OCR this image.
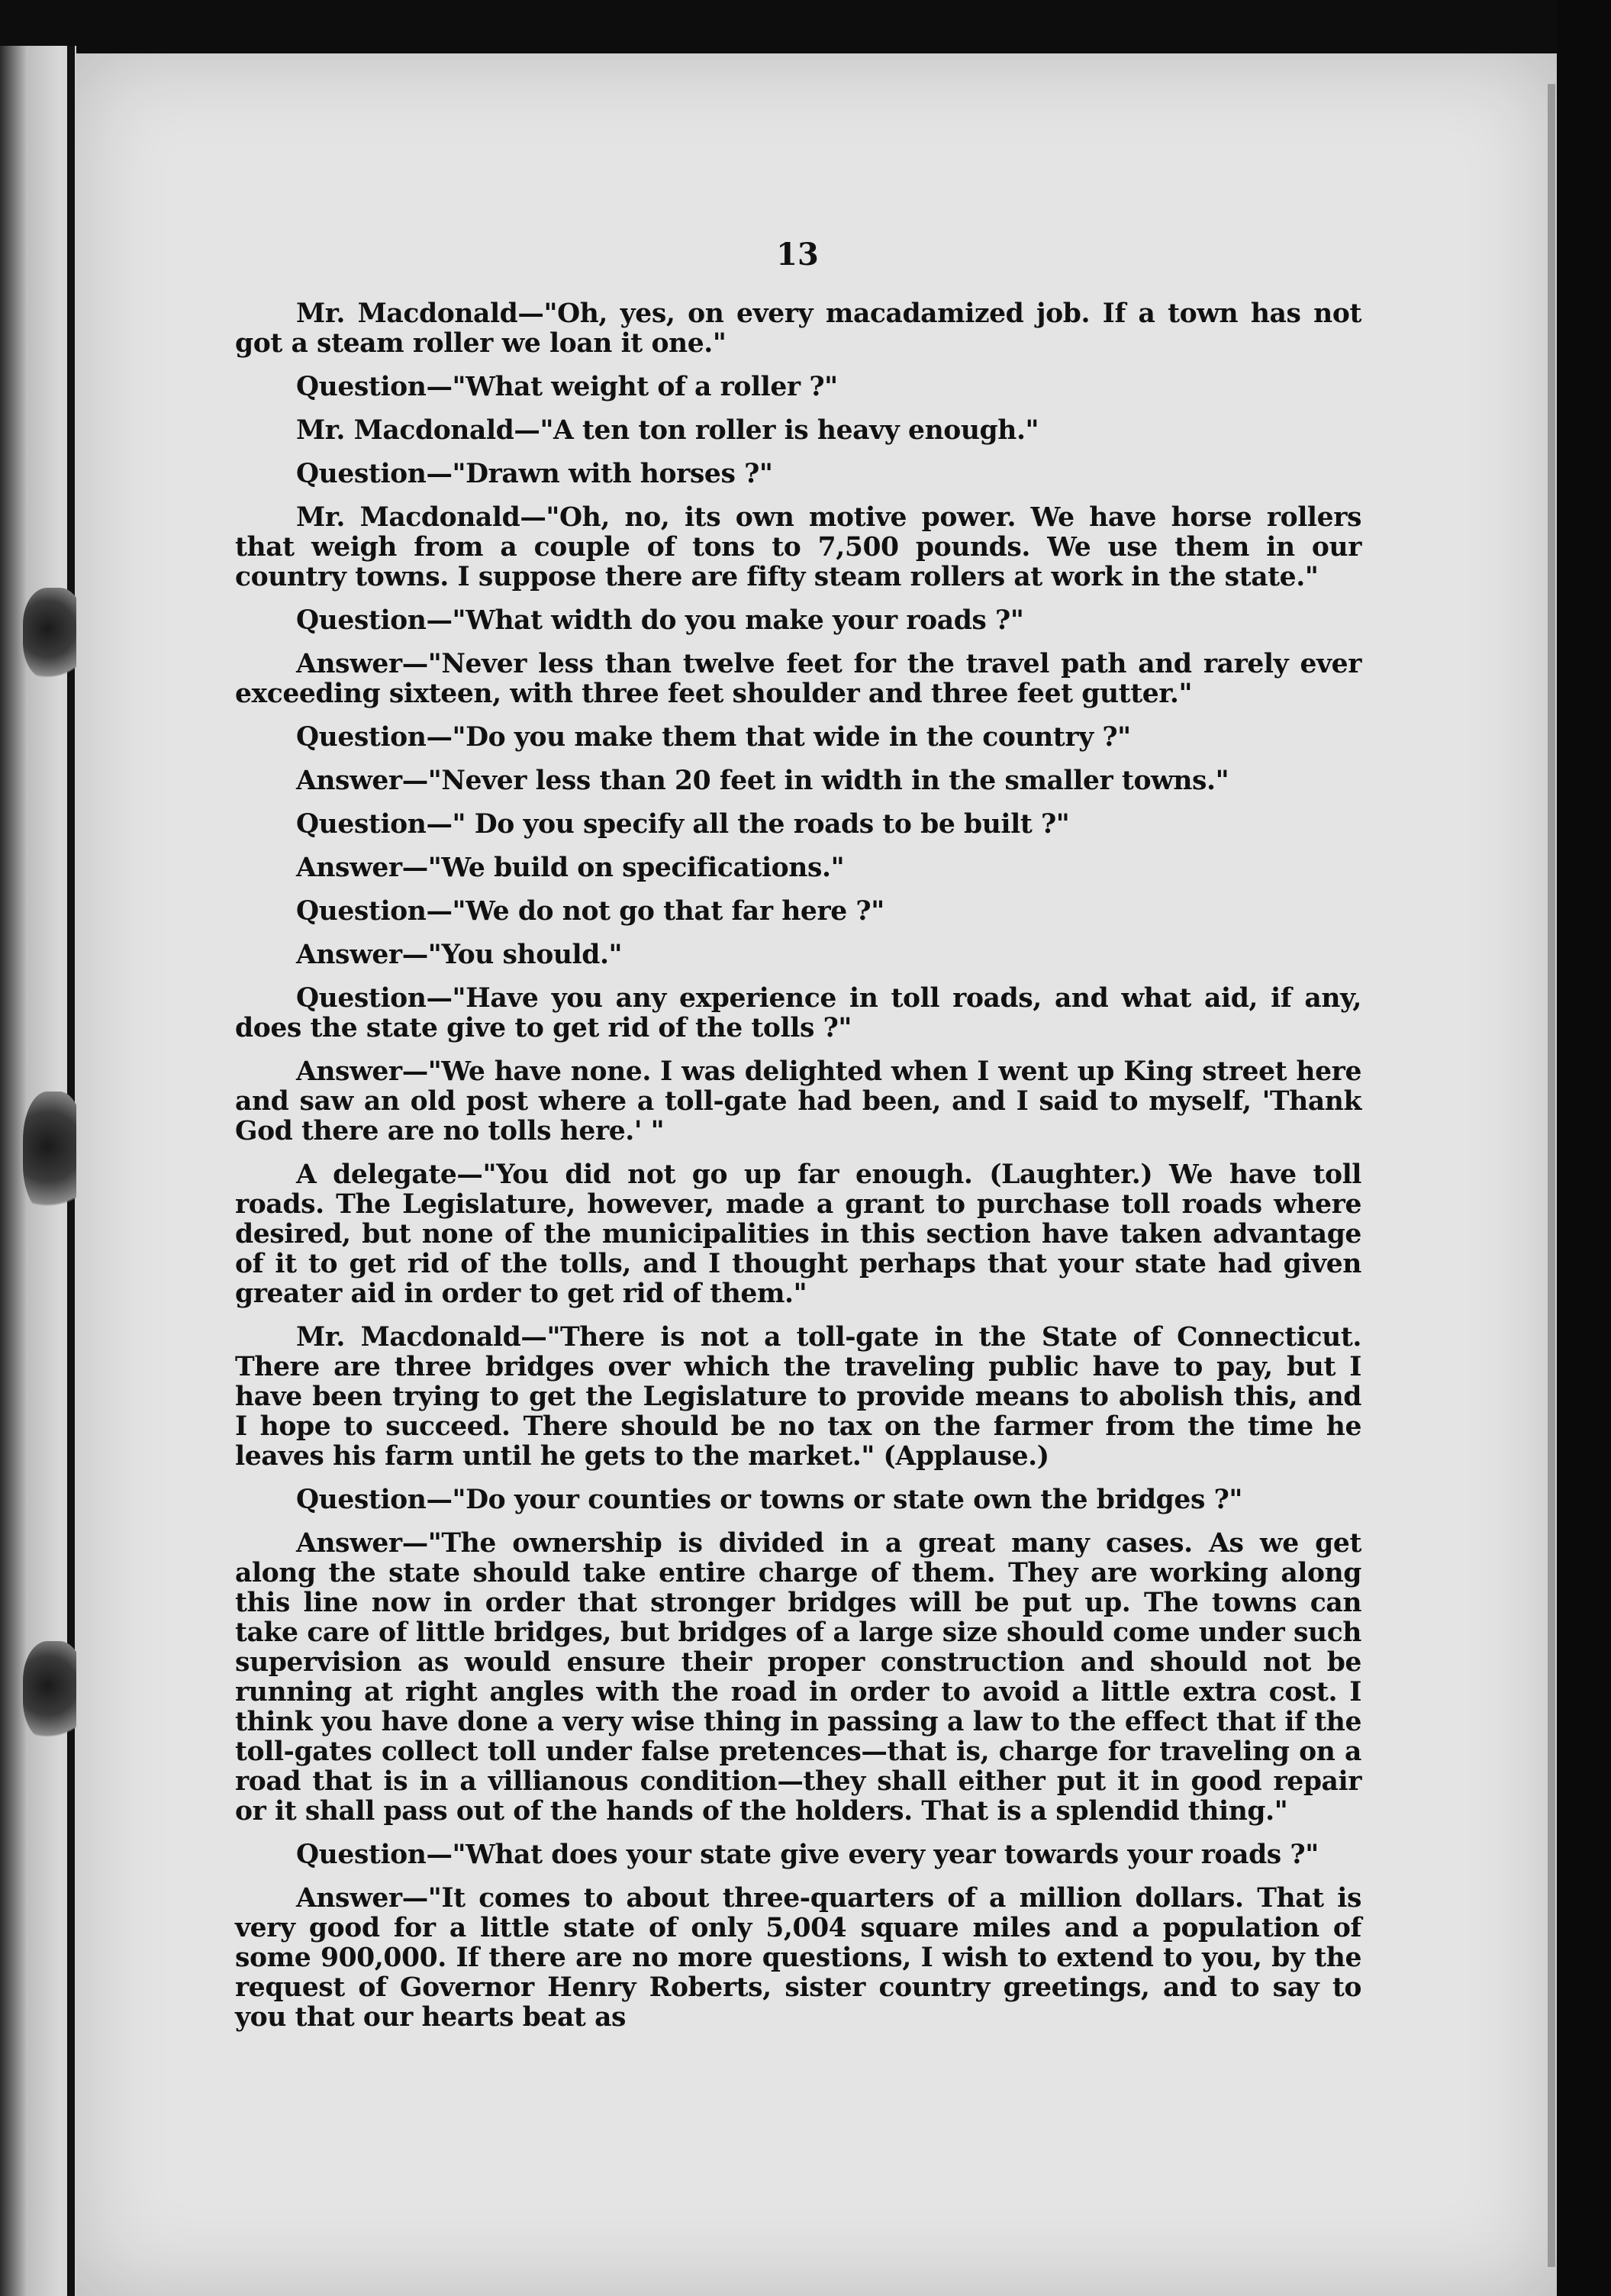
13

Mr. Macdonald—"Oh, yes, on every macadamized job. If a town has not got a steam roller we loan it one."

Question—"What weight of a roller ?"

Mr. Macdonald—"A ten ton roller is heavy enough."

Question—"Drawn with horses ?"

Mr. Macdonald—"Oh, no, its own motive power. We have horse rollers that weigh from a couple of tons to 7,500 pounds. We use them in our country towns. I suppose there are fifty steam rollers at work in the state."

Question—"What width do you make your roads ?"

Answer—"Never less than twelve feet for the travel path and rarely ever exceeding sixteen, with three feet shoulder and three feet gutter."

Question—"Do you make them that wide in the country ?"

Answer—"Never less than 20 feet in width in the smaller towns."

Question—" Do you specify all the roads to be built ?"

Answer—"We build on specifications."

Question—"We do not go that far here ?"

Answer—"You should."

Question—"Have you any experience in toll roads, and what aid, if any, does the state give to get rid of the tolls ?"

Answer—"We have none. I was delighted when I went up King street here and saw an old post where a toll-gate had been, and I said to myself, 'Thank God there are no tolls here.' "

A delegate—"You did not go up far enough. (Laughter.) We have toll roads. The Legislature, however, made a grant to purchase toll roads where desired, but none of the municipalities in this section have taken advantage of it to get rid of the tolls, and I thought perhaps that your state had given greater aid in order to get rid of them."

Mr. Macdonald—"There is not a toll-gate in the State of Connecticut. There are three bridges over which the traveling public have to pay, but I have been trying to get the Legislature to provide means to abolish this, and I hope to succeed. There should be no tax on the farmer from the time he leaves his farm until he gets to the market." (Applause.)

Question—"Do your counties or towns or state own the bridges ?"

Answer—"The ownership is divided in a great many cases. As we get along the state should take entire charge of them. They are working along this line now in order that stronger bridges will be put up. The towns can take care of little bridges, but bridges of a large size should come under such supervision as would ensure their proper construction and should not be running at right angles with the road in order to avoid a little extra cost. I think you have done a very wise thing in passing a law to the effect that if the toll-gates collect toll under false pretences—that is, charge for traveling on a road that is in a villianous condition—they shall either put it in good repair or it shall pass out of the hands of the holders. That is a splendid thing."

Question—"What does your state give every year towards your roads ?"

Answer—"It comes to about three-quarters of a million dollars. That is very good for a little state of only 5,004 square miles and a population of some 900,000. If there are no more questions, I wish to extend to you, by the request of Governor Henry Roberts, sister country greetings, and to say to you that our hearts beat as
